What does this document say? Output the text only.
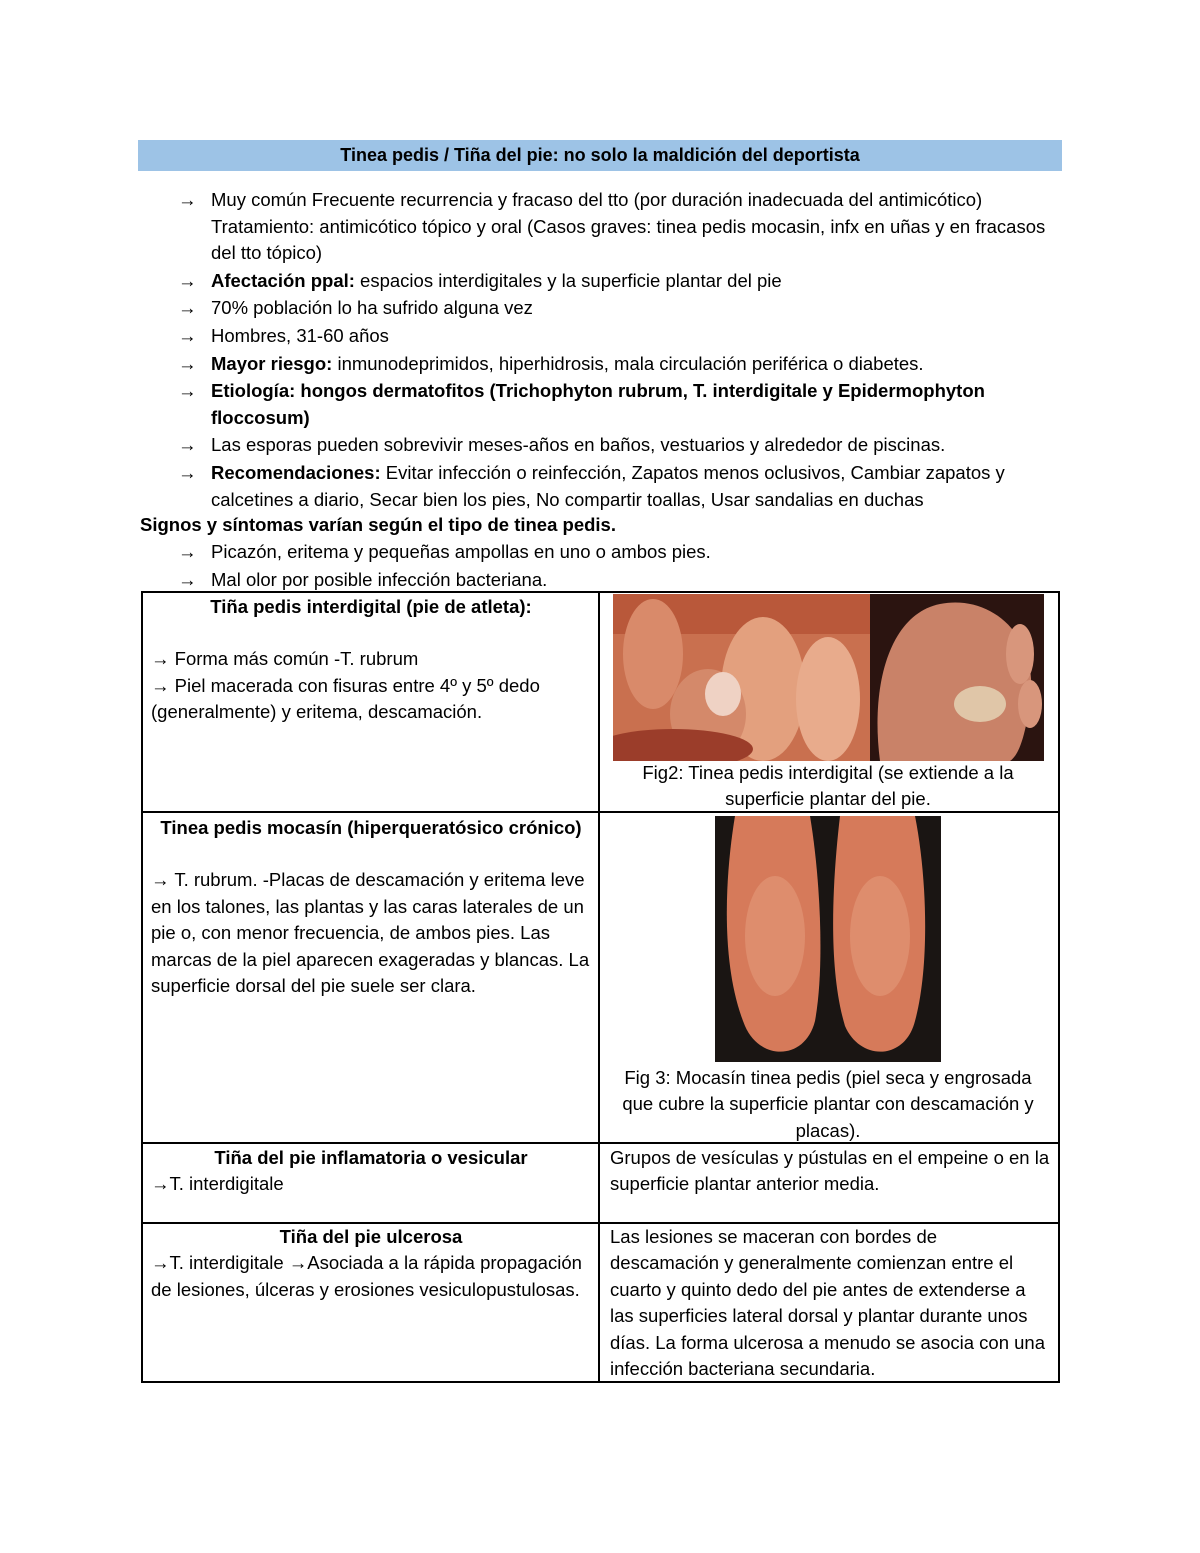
Tinea pedis / Tiña del pie: no solo la maldición del deportista
→ Muy común Frecuente recurrencia y fracaso del tto (por duración inadecuada del antimicótico) Tratamiento: antimicótico tópico y oral (Casos graves: tinea pedis mocasin, infx en uñas y en fracasos del tto tópico)
→ Afectación ppal: espacios interdigitales y la superficie plantar del pie
→ 70% población lo ha sufrido alguna vez
→ Hombres, 31-60 años
→ Mayor riesgo: inmunodeprimidos, hiperhidrosis, mala circulación periférica o diabetes.
→ Etiología: hongos dermatofitos (Trichophyton rubrum, T. interdigitale y Epidermophyton floccosum)
→ Las esporas pueden sobrevivir meses-años en baños, vestuarios y alrededor de piscinas.
→ Recomendaciones: Evitar infección o reinfección, Zapatos menos oclusivos, Cambiar zapatos y calcetines a diario, Secar bien los pies, No compartir toallas, Usar sandalias en duchas
Signos y síntomas varían según el tipo de tinea pedis.
→ Picazón, eritema y pequeñas ampollas en uno o ambos pies.
→ Mal olor por posible infección bacteriana.
Tiña pedis interdigital (pie de atleta):
→ Forma más común -T. rubrum
→ Piel macerada con fisuras entre 4º y 5º dedo (generalmente) y eritema, descamación.
Fig2: Tinea pedis interdigital (se extiende a la superficie plantar del pie.
Tinea pedis mocasín (hiperqueratósico crónico)
→ T. rubrum. -Placas de descamación y eritema leve en los talones, las plantas y las caras laterales de un pie o, con menor frecuencia, de ambos pies. Las marcas de la piel aparecen exageradas y blancas. La superficie dorsal del pie suele ser clara.
Fig 3: Mocasín tinea pedis (piel seca y engrosada que cubre la superficie plantar con descamación y placas).
Tiña del pie inflamatoria o vesicular
→T. interdigitale
Grupos de vesículas y pústulas en el empeine o en la superficie plantar anterior media.
Tiña del pie ulcerosa
→T. interdigitale →Asociada a la rápida propagación de lesiones, úlceras y erosiones vesiculopustulosas.
Las lesiones se maceran con bordes de descamación y generalmente comienzan entre el cuarto y quinto dedo del pie antes de extenderse a las superficies lateral dorsal y plantar durante unos días. La forma ulcerosa a menudo se asocia con una infección bacteriana secundaria.
